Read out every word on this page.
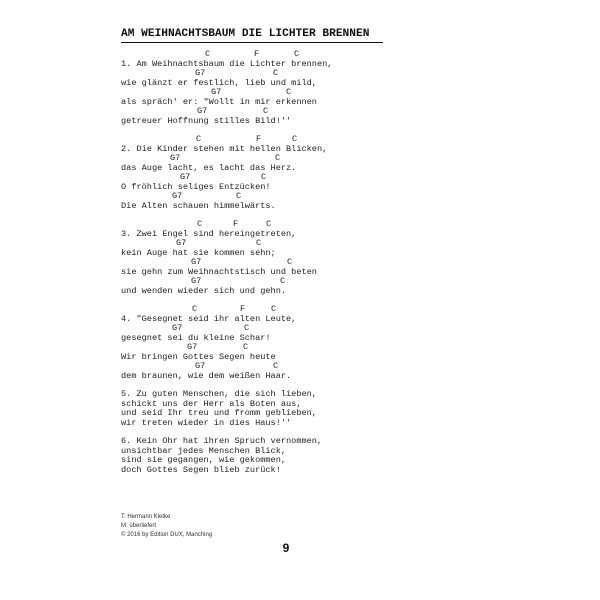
AM WEIHNACHTSBAUM DIE LICHTER BRENNEN

C

	F

	C

1. Am Weihnachtsbaum die Lichter brennen,

G7

	C

wie glänzt er festlich, lieb und mild,

G7

	C

als spräch' er: "Wollt in mir erkennen

G7

	C

getreuer Hoffnung stilles Bild!''

C

	F

	C

2. Die Kinder stehen mit hellen Blicken,

G7

	C

das Auge lacht, es lacht das Herz.

G7

	C

O fröhlich seliges Entzücken!

G7

	C

Die Alten schauen himmelwärts.

C

	F

	C

3. Zwei Engel sind hereingetreten,

G7

	C

kein Auge hat sie kommen sehn;

G7

	C

sie gehn zum Weihnachtstisch und beten

G7

	C

und wenden wieder sich und gehn.

C

	F

	C

4. "Gesegnet seid ihr alten Leute,

G7

	C

gesegnet sei du kleine Schar!

G7

	C

Wir bringen Gottes Segen heute

G7

	C

dem braunen, wie dem weißen Haar.
5. Zu guten Menschen, die sich lieben,
schickt uns der Herr als Boten aus,
und seid Ihr treu und fromm geblieben,
wir treten wieder in dies Haus!''
6. Kein Ohr hat ihren Spruch vernommen,
unsichtbar jedes Menschen Blick,
sind sie gegangen, wie gekommen,
doch Gottes Segen blieb zurück!
T: Hermann Kletke
M: überliefert
© 2016 by Edition DUX, Manching
9
